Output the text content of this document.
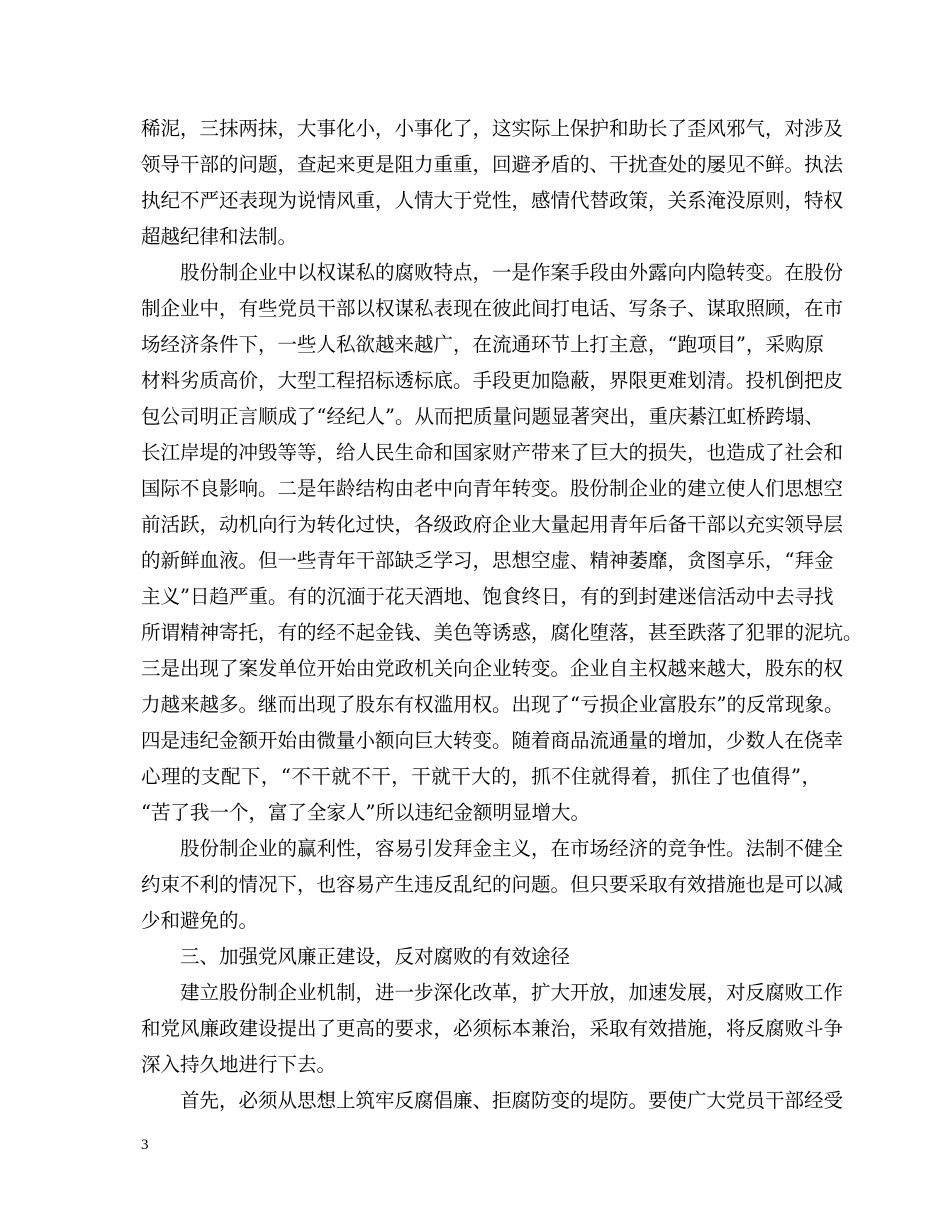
稀泥，三抹两抹，大事化小，小事化了，这实际上保护和助长了歪风邪气，对涉及
领导干部的问题，查起来更是阻力重重，回避矛盾的、干扰查处的屡见不鲜。执法
执纪不严还表现为说情风重，人情大于党性，感情代替政策，关系淹没原则，特权
超越纪律和法制。
股份制企业中以权谋私的腐败特点，一是作案手段由外露向内隐转变。在股份
制企业中，有些党员干部以权谋私表现在彼此间打电话、写条子、谋取照顾，在市
场经济条件下，一些人私欲越来越广，在流通环节上打主意，“跑项目”，采购原
材料劣质高价，大型工程招标透标底。手段更加隐蔽，界限更难划清。投机倒把皮
包公司明正言顺成了“经纪人”。从而把质量问题显著突出，重庆綦江虹桥跨塌、
长江岸堤的冲毁等等，给人民生命和国家财产带来了巨大的损失，也造成了社会和
国际不良影响。二是年龄结构由老中向青年转变。股份制企业的建立使人们思想空
前活跃，动机向行为转化过快，各级政府企业大量起用青年后备干部以充实领导层
的新鲜血液。但一些青年干部缺乏学习，思想空虚、精神萎靡，贪图享乐，“拜金
主义”日趋严重。有的沉湎于花天酒地、饱食终日，有的到封建迷信活动中去寻找
所谓精神寄托，有的经不起金钱、美色等诱惑，腐化堕落，甚至跌落了犯罪的泥坑。
三是出现了案发单位开始由党政机关向企业转变。企业自主权越来越大，股东的权
力越来越多。继而出现了股东有权滥用权。出现了“亏损企业富股东”的反常现象。
四是违纪金额开始由微量小额向巨大转变。随着商品流通量的增加，少数人在侥幸
心理的支配下，“不干就不干，干就干大的，抓不住就得着，抓住了也值得”，
“苦了我一个，富了全家人”所以违纪金额明显增大。
股份制企业的赢利性，容易引发拜金主义，在市场经济的竞争性。法制不健全
约束不利的情况下，也容易产生违反乱纪的问题。但只要采取有效措施也是可以减
少和避免的。
三、加强党风廉正建设，反对腐败的有效途径
建立股份制企业机制，进一步深化改革，扩大开放，加速发展，对反腐败工作
和党风廉政建设提出了更高的要求，必须标本兼治，采取有效措施，将反腐败斗争
深入持久地进行下去。
首先，必须从思想上筑牢反腐倡廉、拒腐防变的堤防。要使广大党员干部经受
3
